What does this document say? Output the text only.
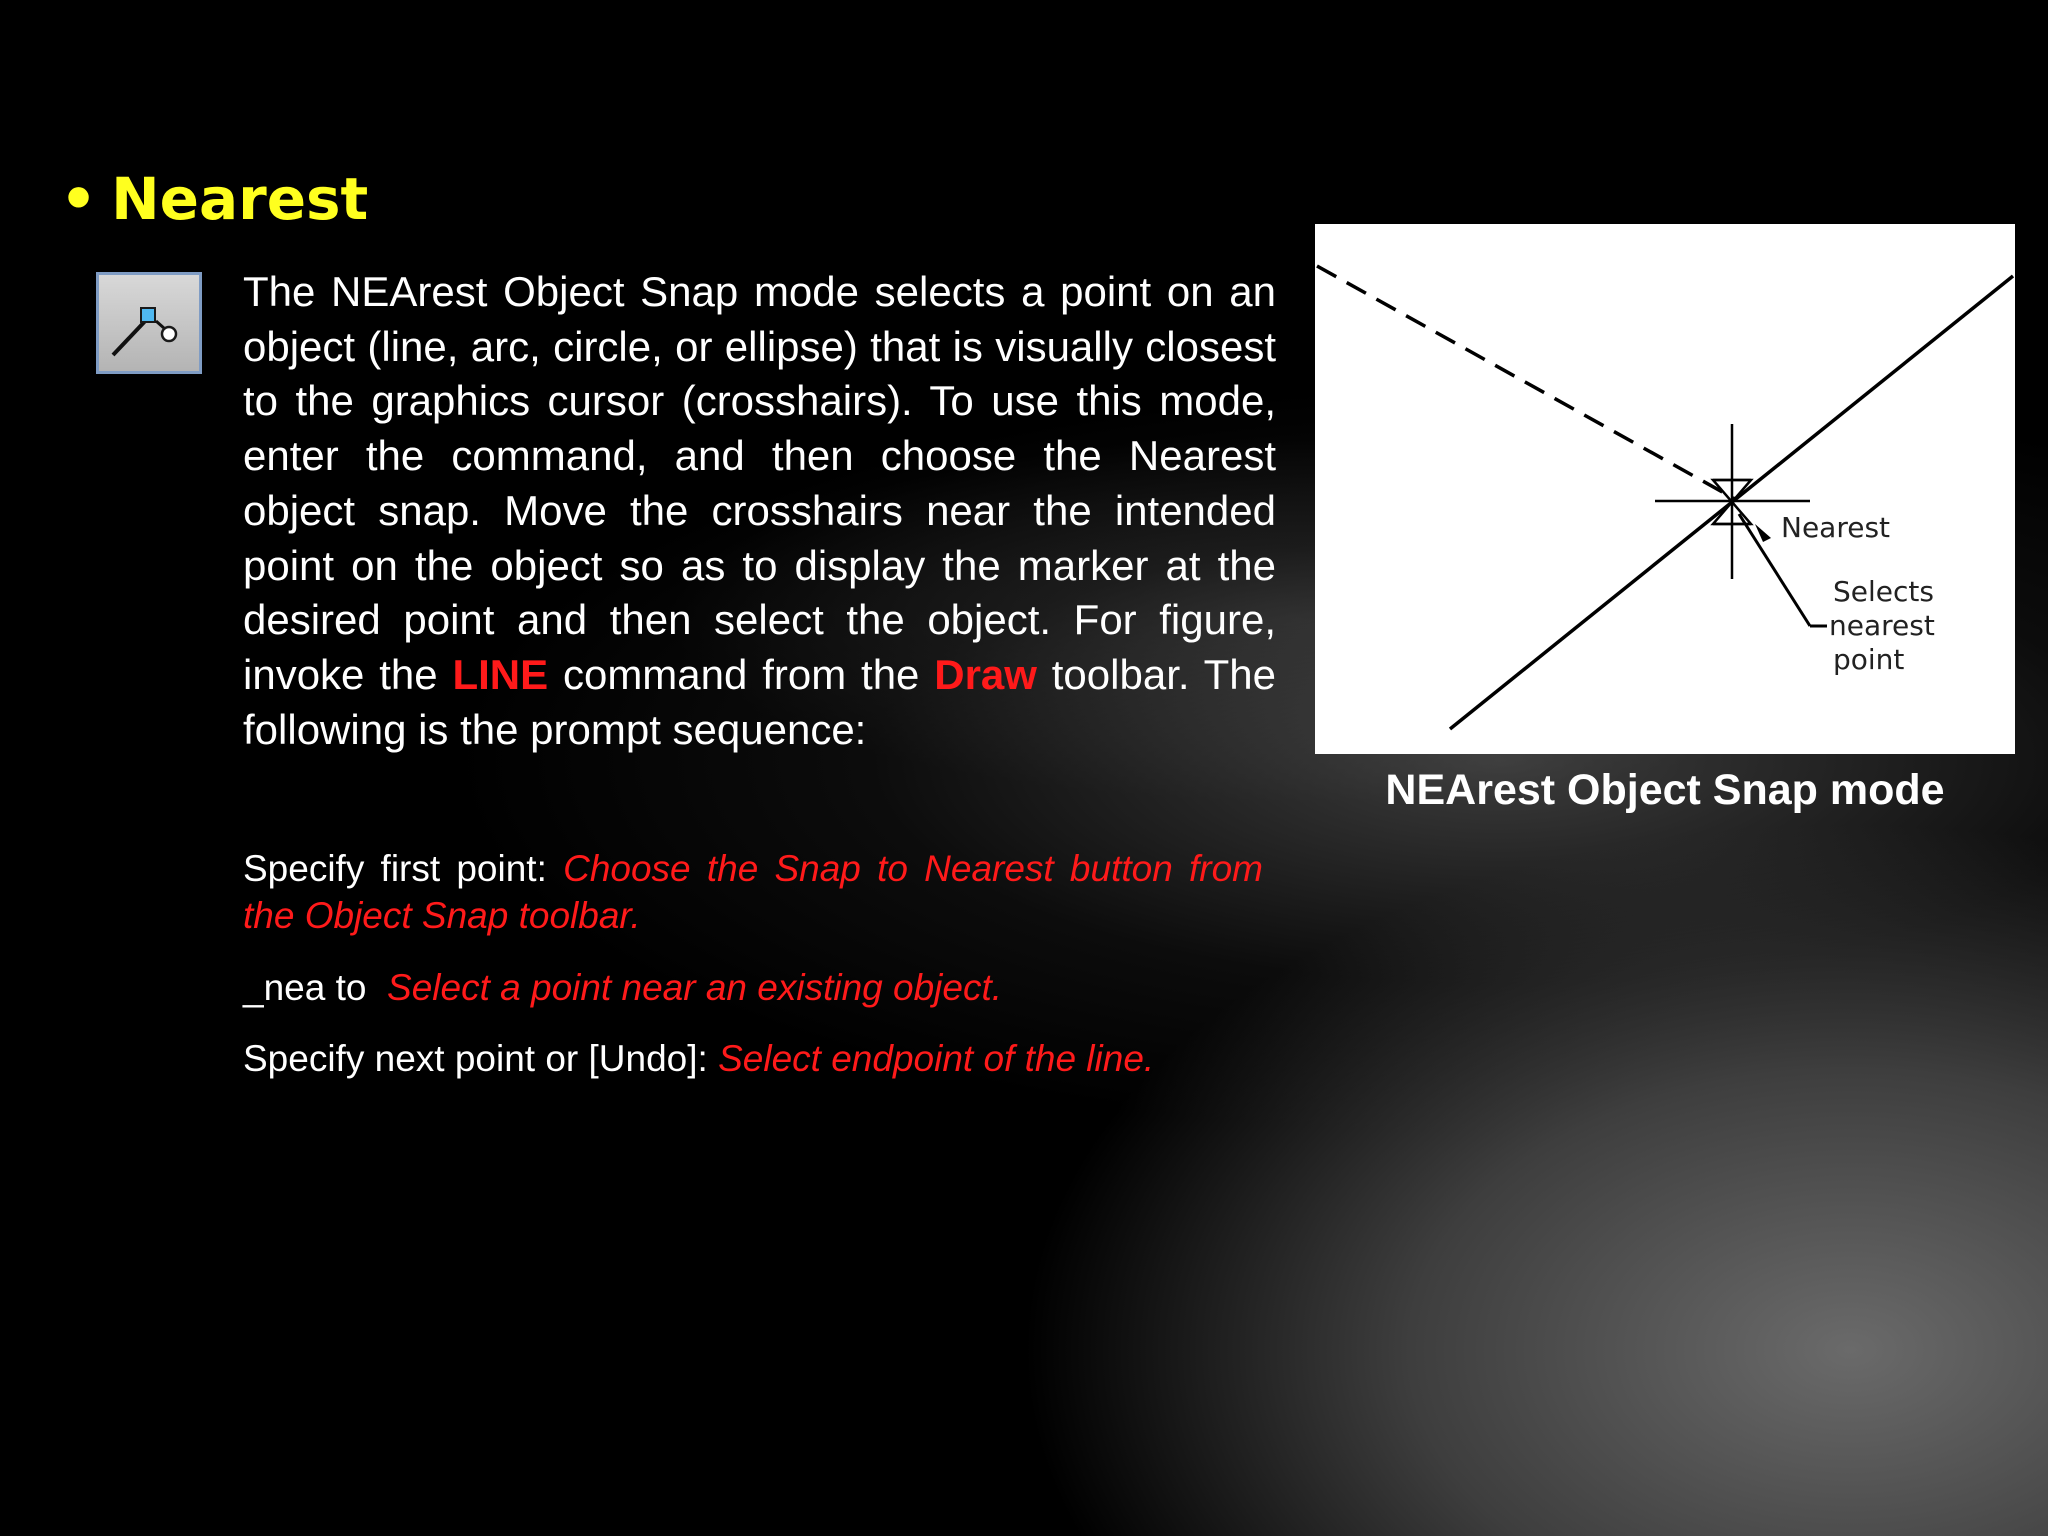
• Nearest
The NEArest Object Snap mode selects a point on an object (line, arc, circle, or ellipse) that is visually closest to the graphics cursor (crosshairs). To use this mode, enter the command, and then choose the Nearest object snap. Move the crosshairs near the intended point on the object so as to display the marker at the desired point and then select the object. For figure, invoke the LINE command from the Draw toolbar. The following is the prompt sequence:
Specify first point: Choose the Snap to Nearest button from the Object Snap toolbar.
_nea to Select a point near an existing object.
Specify next point or [Undo]: Select endpoint of the line.
Nearest
Selects
nearest
point
NEArest Object Snap mode
